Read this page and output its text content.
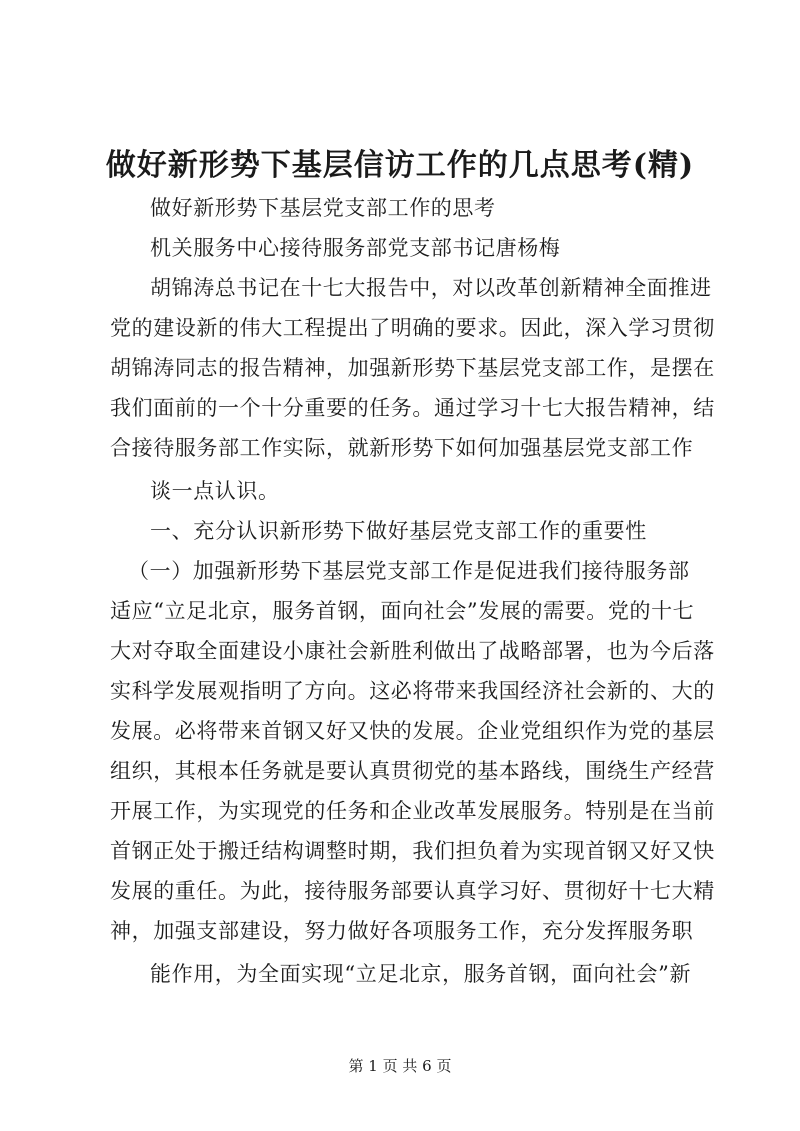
做好新形势下基层信访工作的几点思考(精)
做好新形势下基层党支部工作的思考
机关服务中心接待服务部党支部书记唐杨梅
胡锦涛总书记在十七大报告中，对以改革创新精神全面推进
党的建设新的伟大工程提出了明确的要求。因此，深入学习贯彻
胡锦涛同志的报告精神，加强新形势下基层党支部工作，是摆在
我们面前的一个十分重要的任务。通过学习十七大报告精神，结
合接待服务部工作实际，就新形势下如何加强基层党支部工作
谈一点认识。
一、充分认识新形势下做好基层党支部工作的重要性
（一）加强新形势下基层党支部工作是促进我们接待服务部
适应“立足北京，服务首钢，面向社会”发展的需要。党的十七
大对夺取全面建设小康社会新胜利做出了战略部署，也为今后落
实科学发展观指明了方向。这必将带来我国经济社会新的、大的
发展。必将带来首钢又好又快的发展。企业党组织作为党的基层
组织，其根本任务就是要认真贯彻党的基本路线，围绕生产经营
开展工作，为实现党的任务和企业改革发展服务。特别是在当前
首钢正处于搬迁结构调整时期，我们担负着为实现首钢又好又快
发展的重任。为此，接待服务部要认真学习好、贯彻好十七大精
神，加强支部建设，努力做好各项服务工作，充分发挥服务职
能作用，为全面实现“立足北京，服务首钢，面向社会”新
第 1 页 共 6 页
